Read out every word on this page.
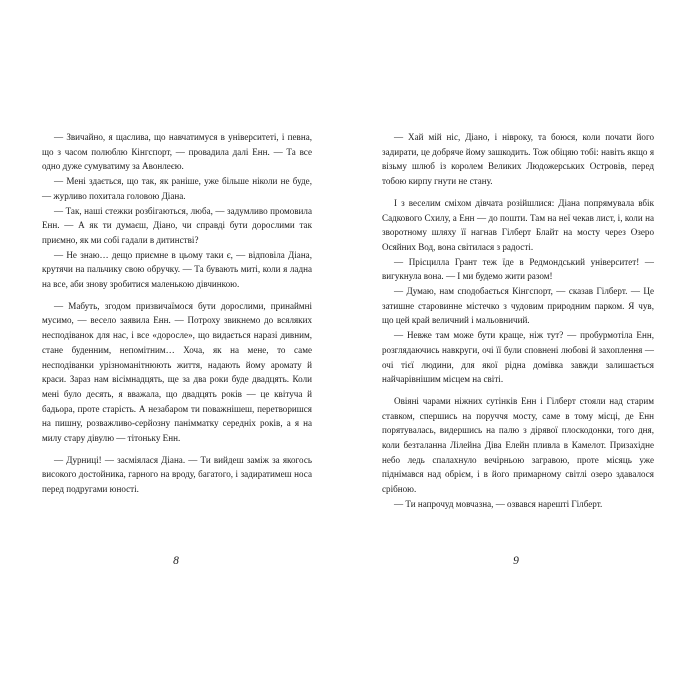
— Звичайно, я щаслива, що навчатимуся в університеті, і певна, що з часом полюблю Кінгспорт, — провадила далі Енн. — Та все одно дуже сумуватиму за Авонлеєю.

— Мені здається, що так, як раніше, уже більше ніколи не буде, — журливо похитала головою Діана.

— Так, наші стежки розбігаються, люба, — задумливо промовила Енн. — А як ти думаєш, Діано, чи справді бути дорослими так приємно, як ми собі гадали в дитинстві?

— Не знаю… дещо приємне в цьому таки є, — відповіла Діана, крутячи на пальчику свою обручку. — Та бувають миті, коли я ладна на все, аби знову зробитися маленькою дівчинкою.

— Мабуть, згодом призвичаїмося бути дорослими, принаймні мусимо, — весело заявила Енн. — Потроху звикнемо до всяляких несподіванок для нас, і все «дорослe», що видається наразі дивним, стане буденним, непомітним… Хоча, як на мене, то саме несподіванки урізноманітнюють життя, надають йому аромату й краси. Зараз нам вісімнадцять, ще за два роки буде двадцять. Коли мені було десять, я вважала, що двадцять років — це квітуча й бадьора, проте старість. А незабаром ти поважнішеш, перетворишся на пишну, розважливо-серйозну панімматку середніх років, а я на милу стару дівулю — тітоньку Енн.

— Дурниці! — засміялася Діана. — Ти вийдеш заміж за якогось високого достойника, гарного на вроду, багатого, і задиратимеш носа перед подругами юності.

8

— Хай мій ніс, Діано, і нівроку, та боюся, коли почати його задирати, це добряче йому зашкодить. Тож обіцяю тобі: навіть якщо я візьму шлюб із королем Великих Людожерських Островів, перед тобою кирпу гнути не стану.

І з веселим сміхом дівчата розійшлися: Діана попрямувала вбік Садкового Схилу, а Енн — до пошти. Там на неї чекав лист, і, коли на зворотному шляху її нагнав Гілберт Блайт на мосту через Озеро Осяйних Вод, вона світилася з радості.

— Прісцилла Грант теж їде в Редмондський університет! — вигукнула вона. — І ми будемо жити разом!

— Думаю, нам сподобається Кінгспорт, — сказав Гілберт. — Це затишне старовинне містечко з чудовим природним парком. Я чув, що цей край величний і мальовничий.

— Невже там може бути краще, ніж тут? — пробурмотіла Енн, розглядаючись навкруги, очі її були сповнені любові й захоплення — очі тієї людини, для якої рідна домівка завжди залишається найчарівнішим місцем на світі.

Овіяні чарами ніжних сутінків Енн і Гілберт стояли над старим ставком, спершись на поруччя мосту, саме в тому місці, де Енн порятувалась, видершись на палю з дірявої плоскодонки, того дня, коли безталанна Лілейна Діва Елейн пливла в Камелот. Призахідне небо ледь спалахнуло вечірньою загравою, проте місяць уже піднімався над обрієм, і в його примарному світлі озеро здавалося срібною.

— Ти напрочуд мовчазна, — озвався нарешті Гілберт.

9
